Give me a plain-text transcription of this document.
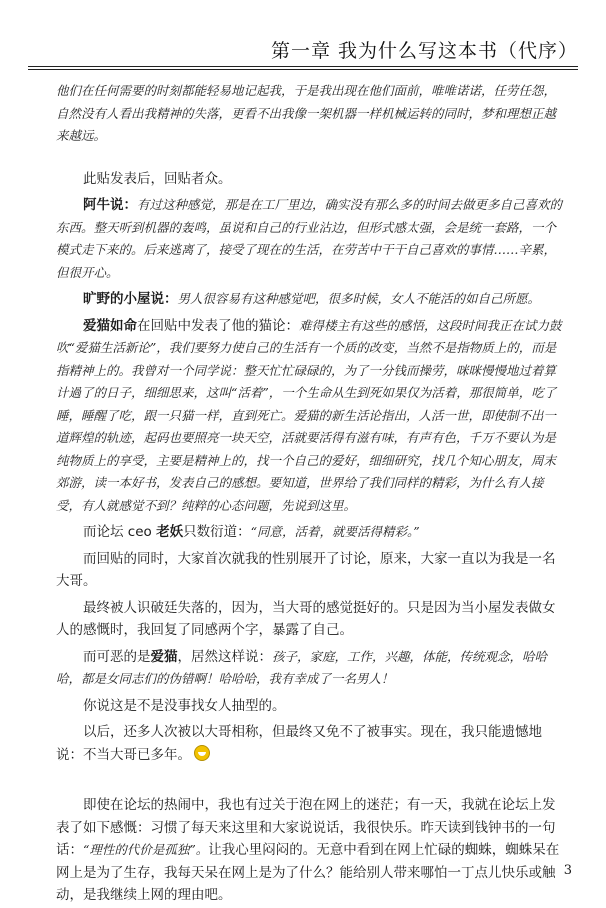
第一章 我为什么写这本书（代序）

他们在任何需要的时刻都能轻易地记起我，于是我出现在他们面前，唯唯诺诺，任劳任怨，自然没有人看出我精神的失落，更看不出我像一架机器一样机械运转的同时，梦和理想正越来越远。

此贴发表后，回贴者众。

阿牛说：有过这种感觉，那是在工厂里边，确实没有那么多的时间去做更多自己喜欢的东西。整天听到机器的轰鸣，虽说和自己的行业沾边，但形式感太强，会是统一套路，一个模式走下来的。后来逃离了，接受了现在的生活，在劳苦中干干自己喜欢的事情……辛累，但很开心。

旷野的小屋说：男人很容易有这种感觉吧，很多时候，女人不能活的如自己所愿。

爱猫如命在回贴中发表了他的猫论：难得楼主有这些的感悟，这段时间我正在试力鼓吹“爱猫生活新论”，我们要努力使自己的生活有一个质的改变，当然不是指物质上的，而是指精神上的。我曾对一个同学说：整天忙忙碌碌的，为了一分钱而操劳，咪咪慢慢地过着算计過了的日子，细细思来，这叫“活着”，一个生命从生到死如果仅为活着，那很简单，吃了睡，睡醒了吃，跟一只猫一样，直到死亡。爱猫的新生活论指出，人活一世，即使制不出一道辉煌的轨迹，起码也要照亮一块天空，活就要活得有滋有味，有声有色，千万不要认为是纯物质上的享受，主要是精神上的，找一个自己的爱好，细细研究，找几个知心朋友，周末郊游，读一本好书，发表自己的感想。要知道，世界给了我们同样的精彩，为什么有人接受，有人就感觉不到？纯粹的心态问题，先说到这里。

而论坛 ceo 老妖只数衍道：“同意，活着，就要活得精彩。”

而回贴的同时，大家首次就我的性别展开了讨论，原来，大家一直以为我是一名大哥。

最终被人识破廷失落的，因为，当大哥的感觉挺好的。只是因为当小屋发表做女人的感慨时，我回复了同感两个字，暴露了自己。

而可恶的是爱猫，居然这样说：孩子，家庭，工作，兴趣，体能，传统观念，哈哈哈，都是女同志们的伪错啊！哈哈哈，我有幸成了一名男人！

你说这是不是没事找女人抽型的。

以后，还多人次被以大哥相称，但最终又免不了被事实。现在，我只能遗憾地说：不当大哥已多年。

即使在论坛的热闹中，我也有过关于泡在网上的迷茫；有一天，我就在论坛上发表了如下感慨：习惯了每天来这里和大家说说话，我很快乐。昨天读到钱钟书的一句话：“理性的代价是孤独”。让我心里闷闷的。无意中看到在网上忙碌的蜘蛛，蜘蛛呆在网上是为了生存，我每天呆在网上是为了什么？能给别人带来哪怕一丁点儿快乐或触动，是我继续上网的理由吧。

3
